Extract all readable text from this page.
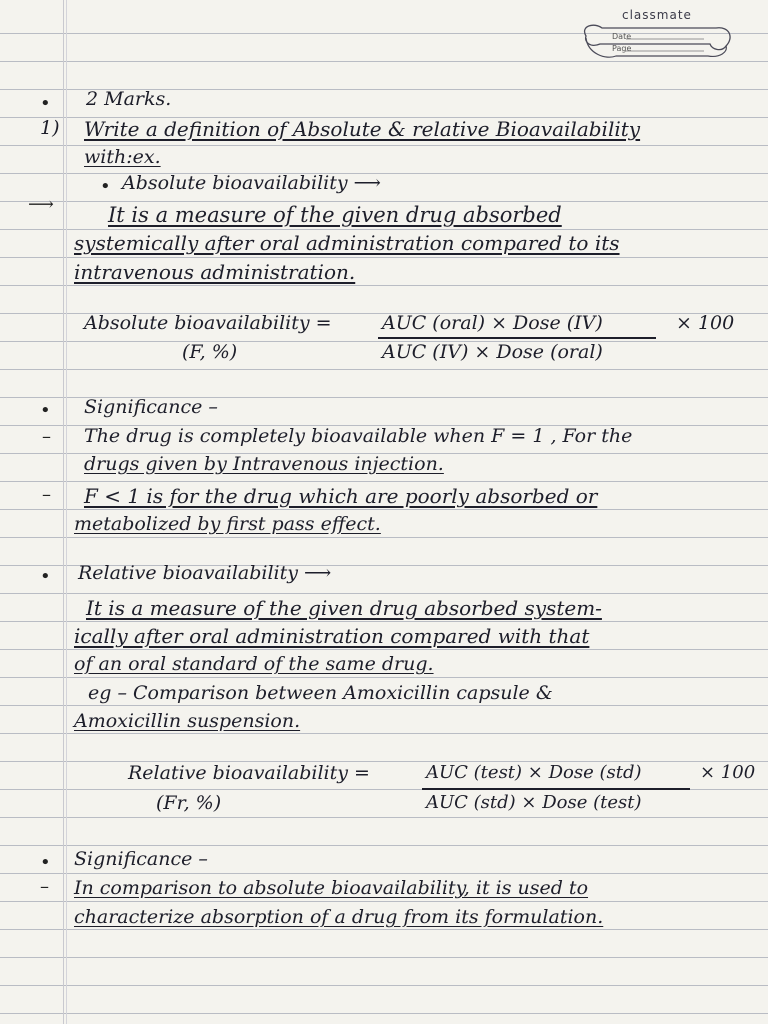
classmate
Date
Page
• 2 Marks.
1) Write a definition of Absolute & relative Bioavailability
with:ex.
• Absolute bioavailability ⟶
⟶	It is a measure of the given drug absorbed
systemically after oral administration compared to its
intravenous administration.
Absolute bioavailability =	AUC (oral) × Dose (IV)	× 100
(F, %)	AUC (IV) × Dose (oral)
• Significance –
– The drug is completely bioavailable when F = 1 , For the
drugs given by Intravenous injection.
– F < 1 is for the drug which are poorly absorbed or
metabolized by first pass effect.
• Relative bioavailability ⟶
It is a measure of the given drug absorbed system-
ically after oral administration compared with that
of an oral standard of the same drug.
eg – Comparison between Amoxicillin capsule &
Amoxicillin suspension.
Relative bioavailability =	AUC (test) × Dose (std)	× 100
(Fr, %)	AUC (std) × Dose (test)
• Significance –
– In comparison to absolute bioavailability, it is used to
characterize absorption of a drug from its formulation.
